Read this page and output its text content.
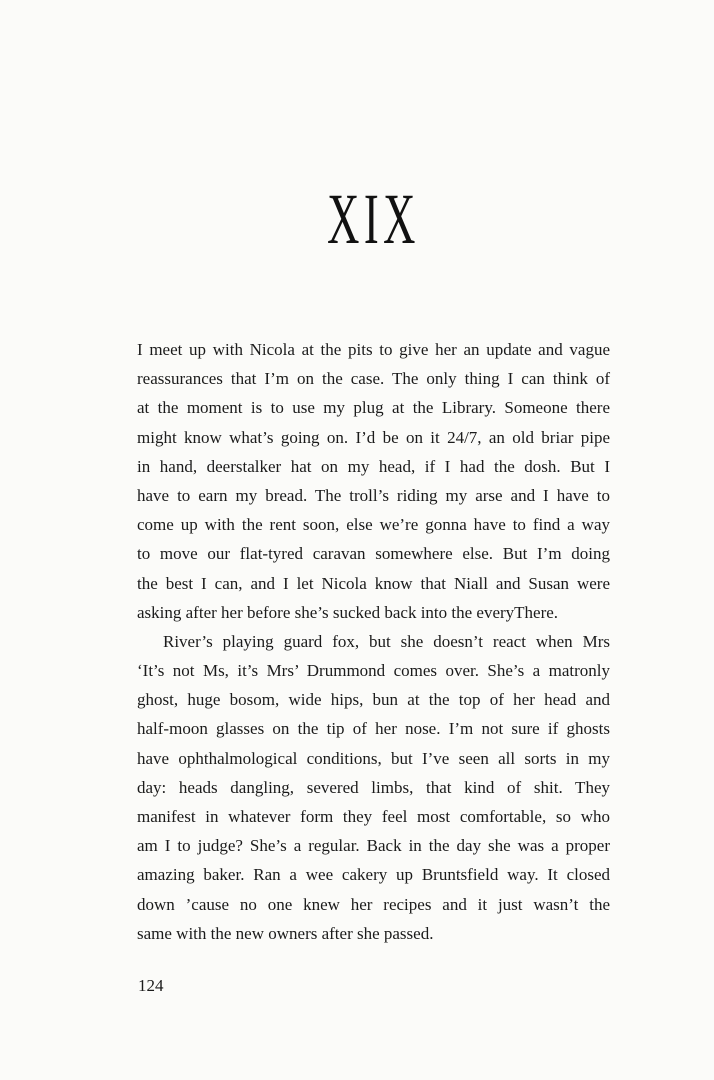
XIX
I meet up with Nicola at the pits to give her an update and vague
reassurances that I’m on the case. The only thing I can think of
at the moment is to use my plug at the Library. Someone there
might know what’s going on. I’d be on it 24/7, an old briar pipe
in hand, deerstalker hat on my head, if I had the dosh. But I
have to earn my bread. The troll’s riding my arse and I have to
come up with the rent soon, else we’re gonna have to find a way
to move our flat-tyred caravan somewhere else. But I’m doing
the best I can, and I let Nicola know that Niall and Susan were
asking after her before she’s sucked back into the everyThere.
River’s playing guard fox, but she doesn’t react when Mrs
‘It’s not Ms, it’s Mrs’ Drummond comes over. She’s a matronly
ghost, huge bosom, wide hips, bun at the top of her head and
half-moon glasses on the tip of her nose. I’m not sure if ghosts
have ophthalmological conditions, but I’ve seen all sorts in my
day: heads dangling, severed limbs, that kind of shit. They
manifest in whatever form they feel most comfortable, so who
am I to judge? She’s a regular. Back in the day she was a proper
amazing baker. Ran a wee cakery up Bruntsfield way. It closed
down ’cause no one knew her recipes and it just wasn’t the
same with the new owners after she passed.
124
